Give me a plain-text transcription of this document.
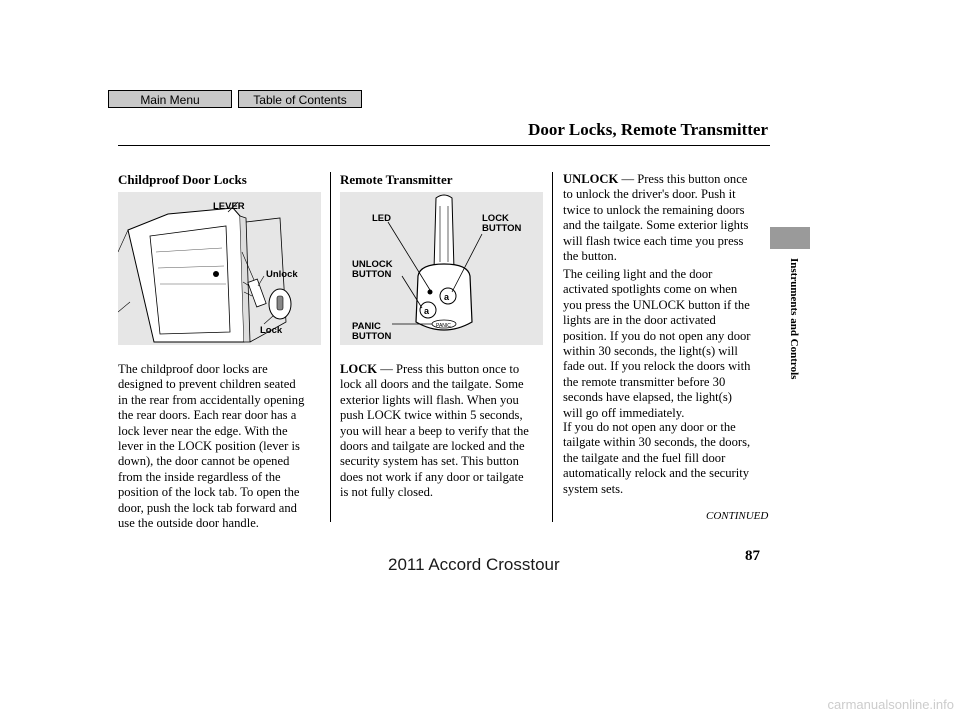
Main Menu	Table of Contents
Door Locks, Remote Transmitter
Childproof Door Locks
LEVER
Unlock
Lock
The childproof door locks are
designed to prevent children seated
in the rear from accidentally opening
the rear doors. Each rear door has a
lock lever near the edge. With the
lever in the LOCK position (lever is
down), the door cannot be opened
from the inside regardless of the
position of the lock tab. To open the
door, push the lock tab forward and
use the outside door handle.
Remote Transmitter
a
a
LED	LOCK
BUTTON
UNLOCK
BUTTON
PANIC
BUTTON
PANIC
LOCK — Press this button once to
lock all doors and the tailgate. Some
exterior lights will flash. When you
push LOCK twice within 5 seconds,
you will hear a beep to verify that the
doors and tailgate are locked and the
security system has set. This button
does not work if any door or tailgate
is not fully closed.
UNLOCK — Press this button once
to unlock the driver's door. Push it
twice to unlock the remaining doors
and the tailgate. Some exterior lights
will flash twice each time you press
the button.
The ceiling light and the door
activated spotlights come on when
you press the UNLOCK button if the
lights are in the door activated
position. If you do not open any door
within 30 seconds, the light(s) will
fade out. If you relock the doors with
the remote transmitter before 30
seconds have elapsed, the light(s)
will go off immediately.
If you do not open any door or the
tailgate within 30 seconds, the doors,
the tailgate and the fuel fill door
automatically relock and the security
system sets.
CONTINUED
Instruments and Controls
87
2011 Accord Crosstour
carmanualsonline.info
